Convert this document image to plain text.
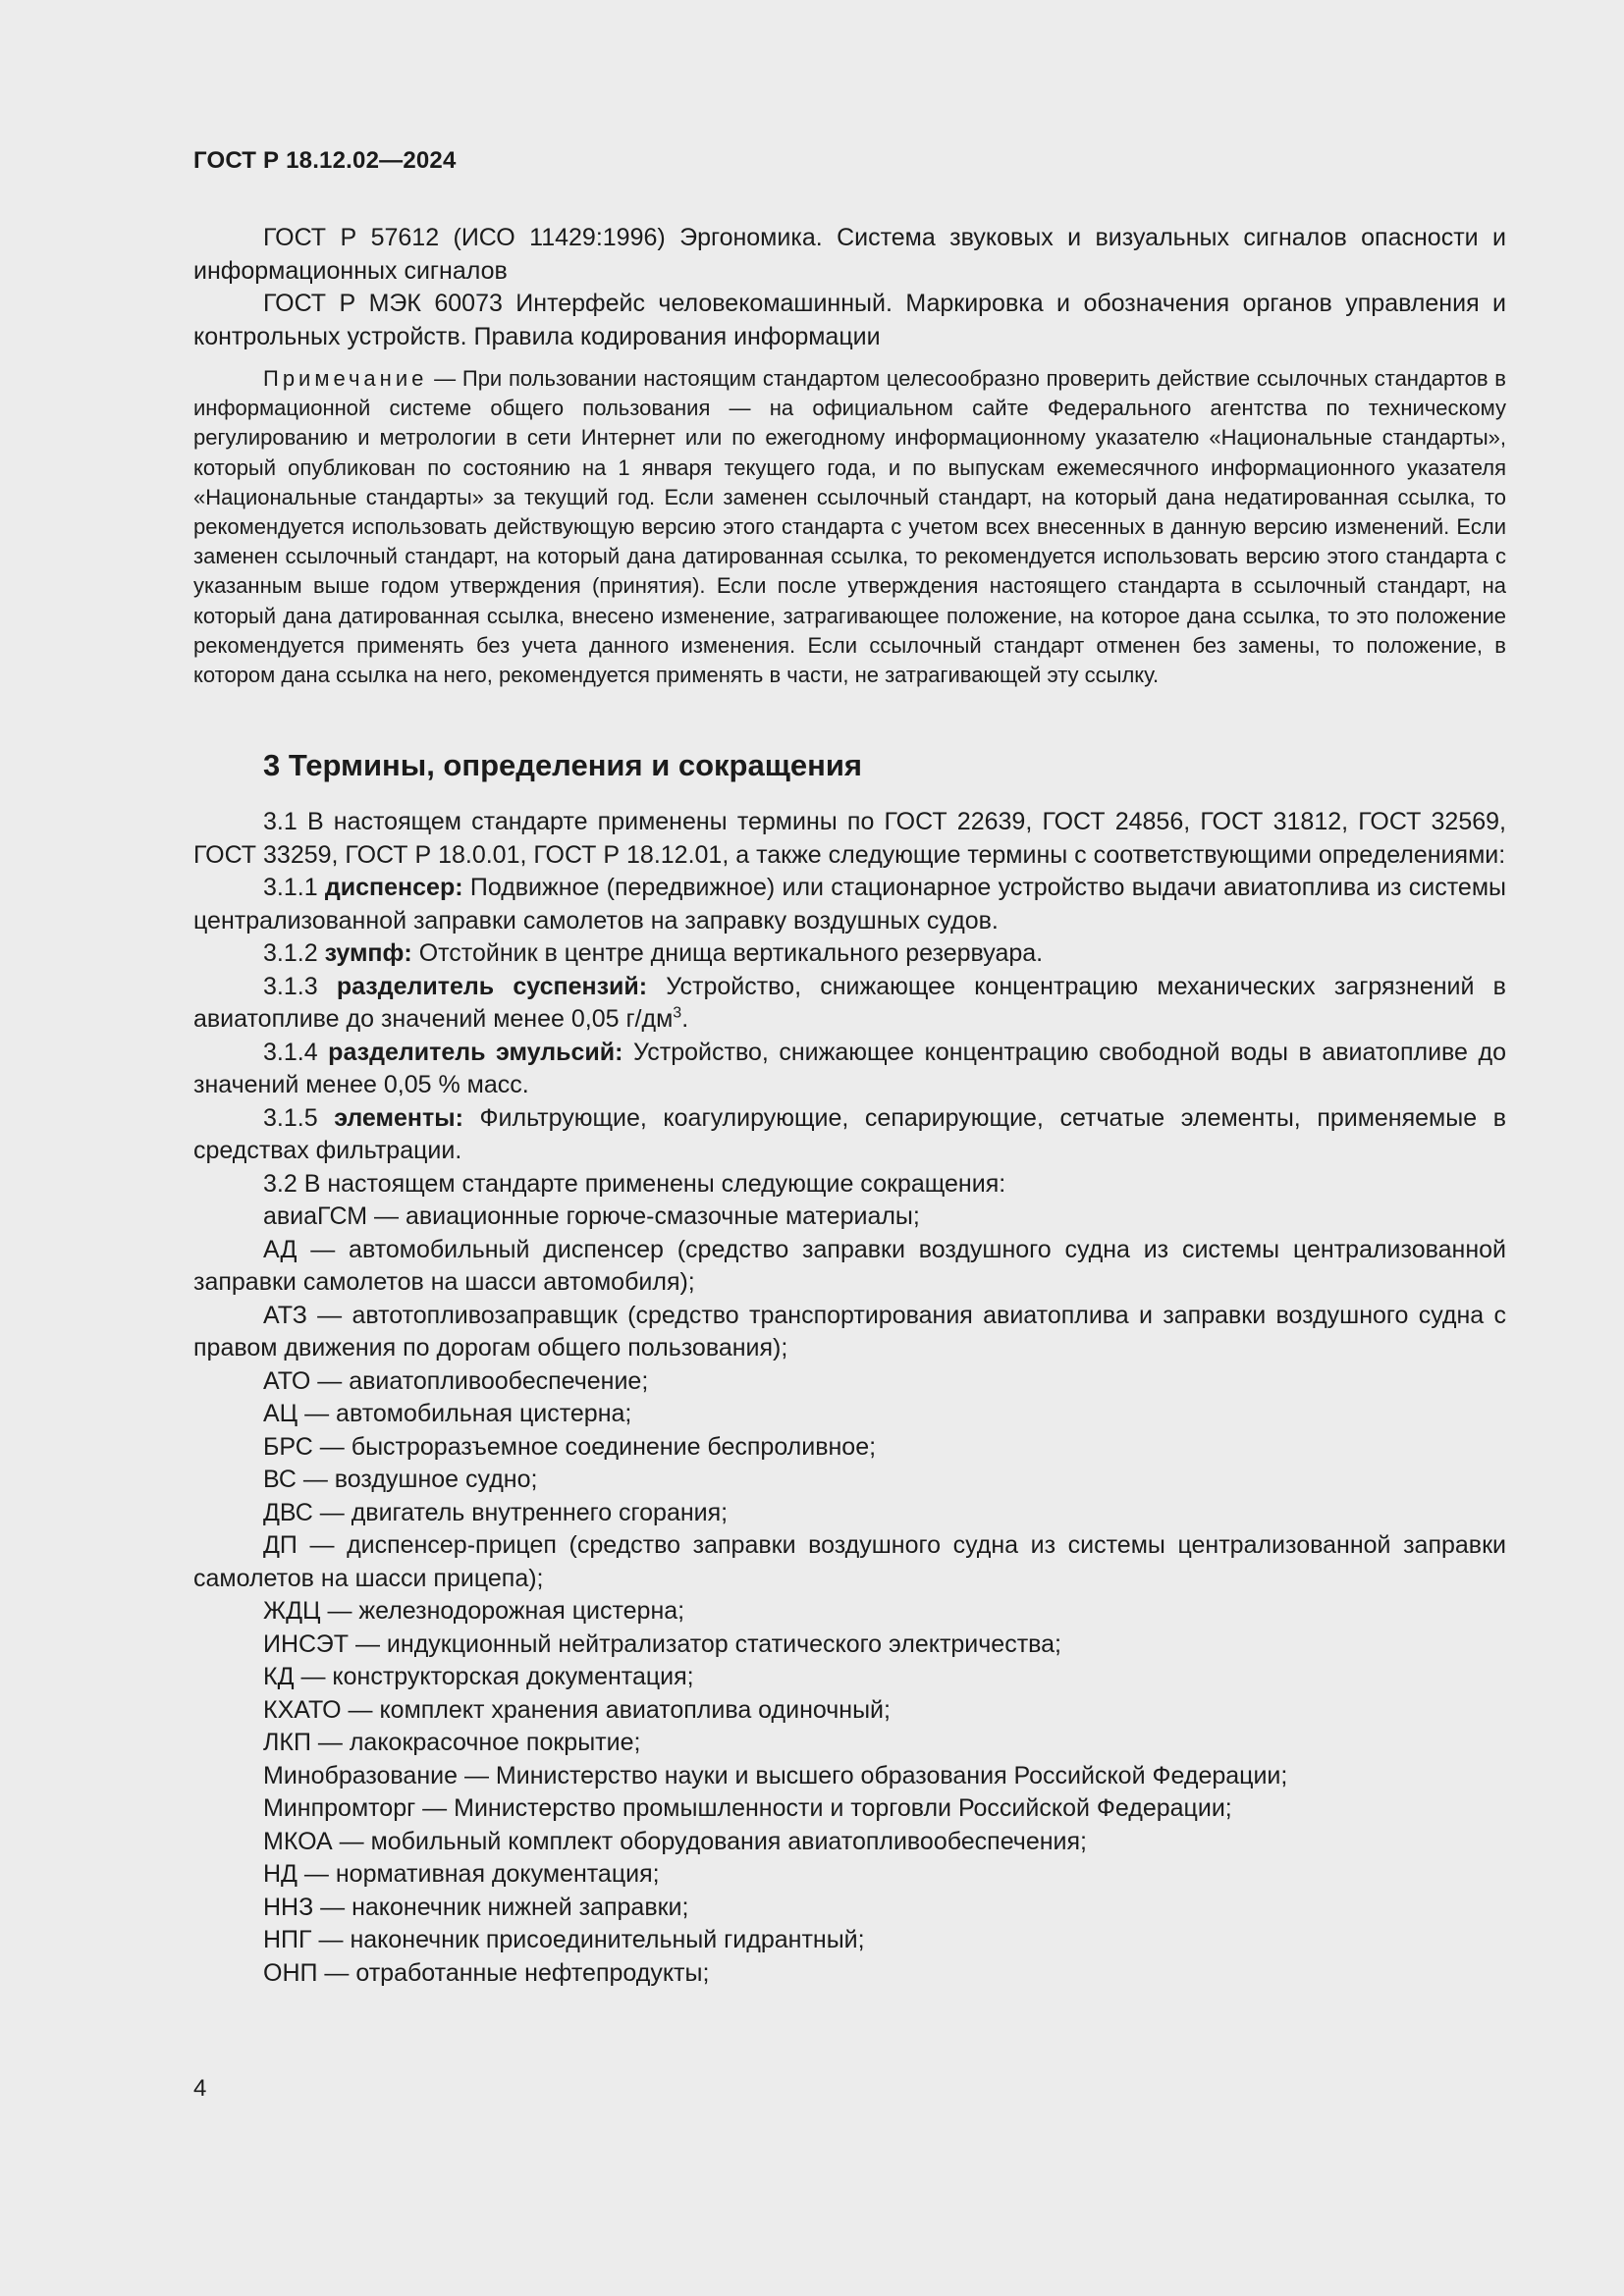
ГОСТ Р 18.12.02—2024

ГОСТ Р 57612 (ИСО 11429:1996) Эргономика. Система звуковых и визуальных сигналов опасности и информационных сигналов

ГОСТ Р МЭК 60073 Интерфейс человекомашинный. Маркировка и обозначения органов управления и контрольных устройств. Правила кодирования информации

Примечание — При пользовании настоящим стандартом целесообразно проверить действие ссылочных стандартов в информационной системе общего пользования — на официальном сайте Федерального агентства по техническому регулированию и метрологии в сети Интернет или по ежегодному информационному указателю «Национальные стандарты», который опубликован по состоянию на 1 января текущего года, и по выпускам ежемесячного информационного указателя «Национальные стандарты» за текущий год. Если заменен ссылочный стандарт, на который дана недатированная ссылка, то рекомендуется использовать действующую версию этого стандарта с учетом всех внесенных в данную версию изменений. Если заменен ссылочный стандарт, на который дана датированная ссылка, то рекомендуется использовать версию этого стандарта с указанным выше годом утверждения (принятия). Если после утверждения настоящего стандарта в ссылочный стандарт, на который дана датированная ссылка, внесено изменение, затрагивающее положение, на которое дана ссылка, то это положение рекомендуется применять без учета данного изменения. Если ссылочный стандарт отменен без замены, то положение, в котором дана ссылка на него, рекомендуется применять в части, не затрагивающей эту ссылку.

3 Термины, определения и сокращения

3.1 В настоящем стандарте применены термины по ГОСТ 22639, ГОСТ 24856, ГОСТ 31812, ГОСТ 32569, ГОСТ 33259, ГОСТ Р 18.0.01, ГОСТ Р 18.12.01, а также следующие термины с соответствующими определениями:

3.1.1 диспенсер: Подвижное (передвижное) или стационарное устройство выдачи авиатоплива из системы централизованной заправки самолетов на заправку воздушных судов.

3.1.2 зумпф: Отстойник в центре днища вертикального резервуара.

3.1.3 разделитель суспензий: Устройство, снижающее концентрацию механических загрязнений в авиатопливе до значений менее 0,05 $г/дм^3$.

3.1.4 разделитель эмульсий: Устройство, снижающее концентрацию свободной воды в авиатопливе до значений менее 0,05 % масс.

3.1.5 элементы: Фильтрующие, коагулирующие, сепарирующие, сетчатые элементы, применяемые в средствах фильтрации.

3.2 В настоящем стандарте применены следующие сокращения:

авиаГСМ — авиационные горюче-смазочные материалы;

АД — автомобильный диспенсер (средство заправки воздушного судна из системы централизованной заправки самолетов на шасси автомобиля);

АТЗ — автотопливозаправщик (средство транспортирования авиатоплива и заправки воздушного судна с правом движения по дорогам общего пользования);

АТО — авиатопливообеспечение;

АЦ — автомобильная цистерна;

БРС — быстроразъемное соединение беспроливное;

ВС — воздушное судно;

ДВС — двигатель внутреннего сгорания;

ДП — диспенсер-прицеп (средство заправки воздушного судна из системы централизованной заправки самолетов на шасси прицепа);

ЖДЦ — железнодорожная цистерна;

ИНСЭТ — индукционный нейтрализатор статического электричества;

КД — конструкторская документация;

КХАТО — комплект хранения авиатоплива одиночный;

ЛКП — лакокрасочное покрытие;

Минобразование — Министерство науки и высшего образования Российской Федерации;

Минпромторг — Министерство промышленности и торговли Российской Федерации;

МКОА — мобильный комплект оборудования авиатопливообеспечения;

НД — нормативная документация;

ННЗ — наконечник нижней заправки;

НПГ — наконечник присоединительный гидрантный;

ОНП — отработанные нефтепродукты;

4
